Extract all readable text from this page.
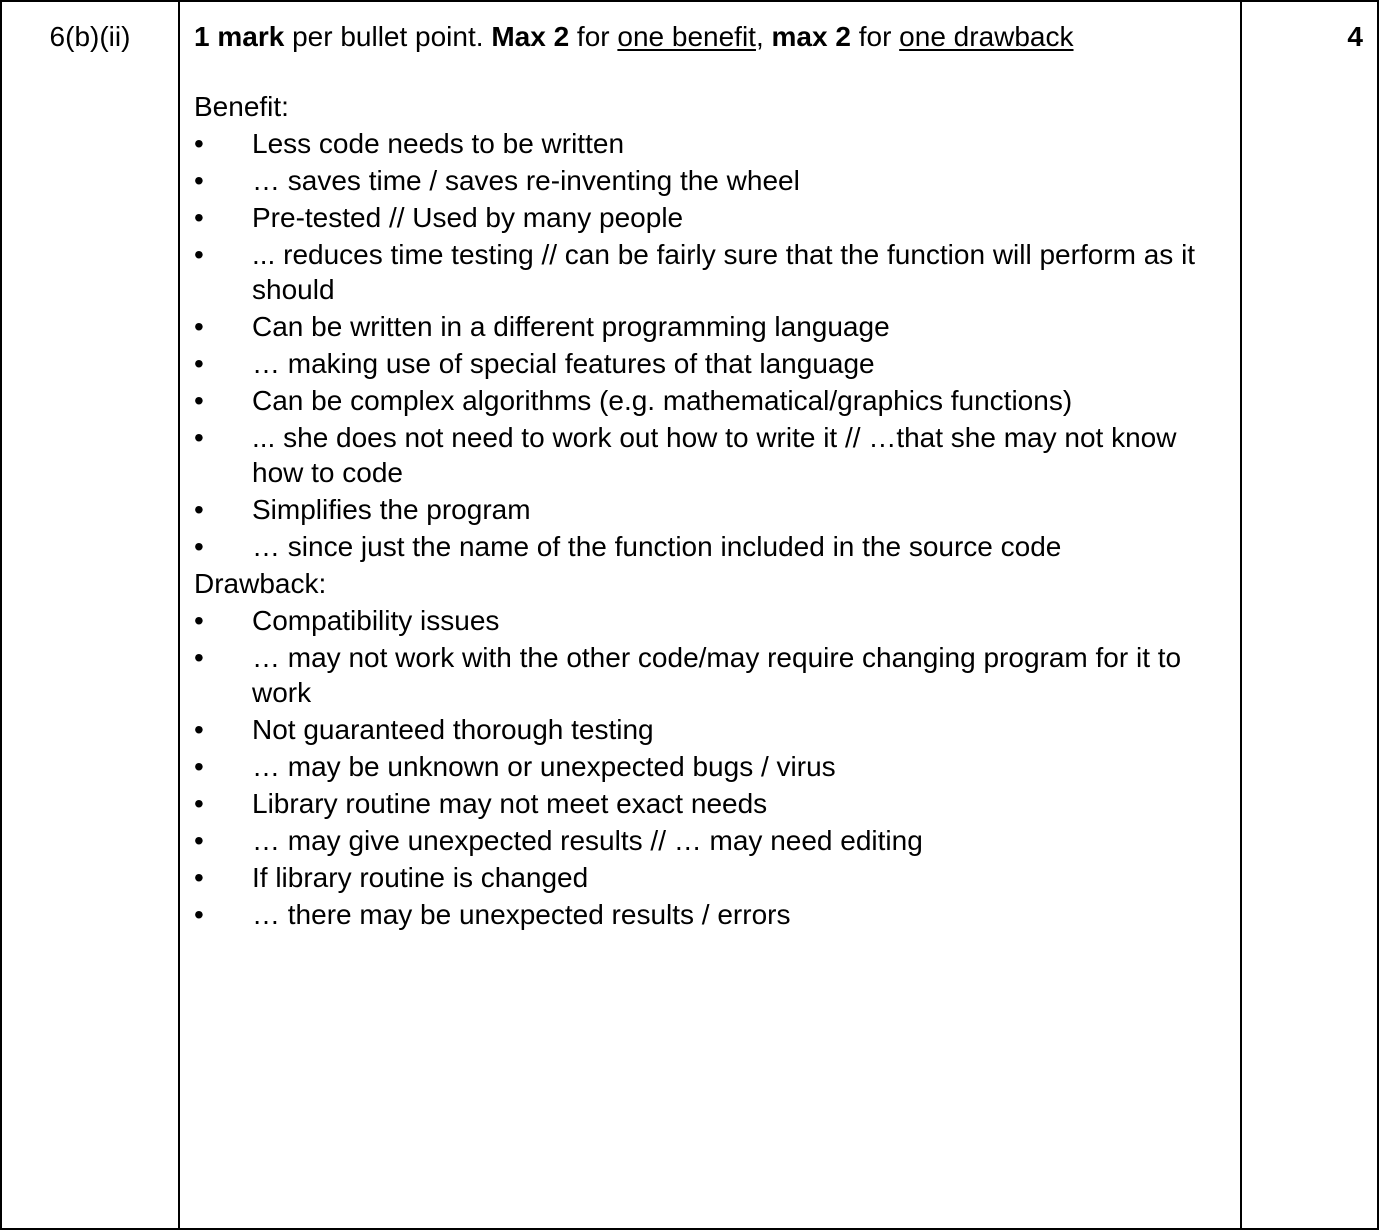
6(b)(ii)	1 mark per bullet point. Max 2 for one benefit, max 2 for one drawback
Benefit:
•	Less code needs to be written
•	… saves time / saves re-inventing the wheel
•	Pre-tested // Used by many people
•	... reduces time testing // can be fairly sure that the function will perform as it should
•	Can be written in a different programming language
•	… making use of special features of that language
•	Can be complex algorithms (e.g. mathematical/graphics functions)
•	... she does not need to work out how to write it // …that she may not know how to code
•	Simplifies the program
•	… since just the name of the function included in the source code
Drawback:
•	Compatibility issues
•	… may not work with the other code/may require changing program for it to work
•	Not guaranteed thorough testing
•	… may be unknown or unexpected bugs / virus
•	Library routine may not meet exact needs
•	… may give unexpected results // … may need editing
•	If library routine is changed
•	… there may be unexpected results / errors
	4
